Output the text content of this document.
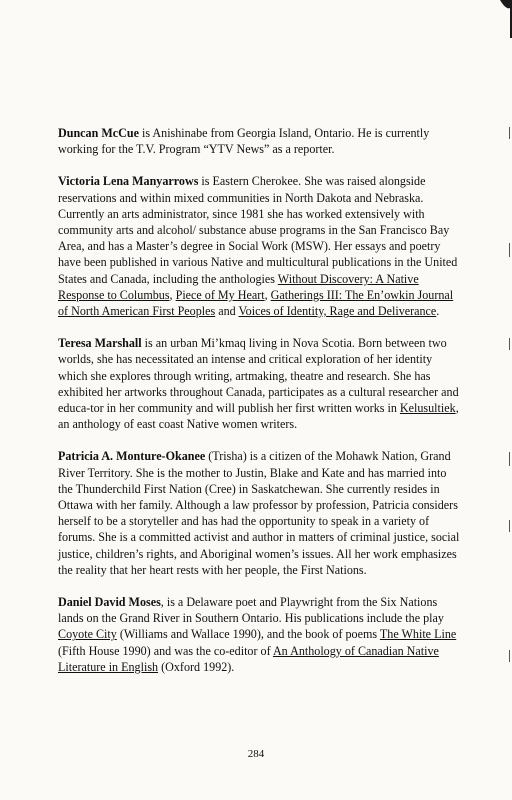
Duncan McCue is Anishinabe from Georgia Island, Ontario. He is currently working for the T.V. Program “YTV News” as a reporter.

Victoria Lena Manyarrows is Eastern Cherokee. She was raised alongside reservations and within mixed communities in North Dakota and Nebraska. Currently an arts administrator, since 1981 she has worked extensively with community arts and alcohol/ substance abuse programs in the San Francisco Bay Area, and has a Master’s degree in Social Work (MSW). Her essays and poetry have been published in various Native and multicultural publications in the United States and Canada, including the anthologies Without Discovery: A Native Response to Columbus, Piece of My Heart, Gatherings III: The En’owkin Journal of North American First Peoples and Voices of Identity, Rage and Deliverance.

Teresa Marshall is an urban Mi’kmaq living in Nova Scotia. Born between two worlds, she has necessitated an intense and critical exploration of her identity which she explores through writing, artmaking, theatre and research. She has exhibited her artworks throughout Canada, participates as a cultural researcher and educa-tor in her community and will publish her first written works in Kelusultiek, an anthology of east coast Native women writers.

Patricia A. Monture-Okanee (Trisha) is a citizen of the Mohawk Nation, Grand River Territory. She is the mother to Justin, Blake and Kate and has married into the Thunderchild First Nation (Cree) in Saskatchewan. She currently resides in Ottawa with her family. Although a law professor by profession, Patricia considers herself to be a storyteller and has had the opportunity to speak in a variety of forums. She is a committed activist and author in matters of criminal justice, social justice, children’s rights, and Aboriginal women’s issues. All her work emphasizes the reality that her heart rests with her people, the First Nations.

Daniel David Moses, is a Delaware poet and Playwright from the Six Nations lands on the Grand River in Southern Ontario. His publications include the play Coyote City (Williams and Wallace 1990), and the book of poems The White Line (Fifth House 1990) and was the co-editor of An Anthology of Canadian Native Literature in English (Oxford 1992).

284
